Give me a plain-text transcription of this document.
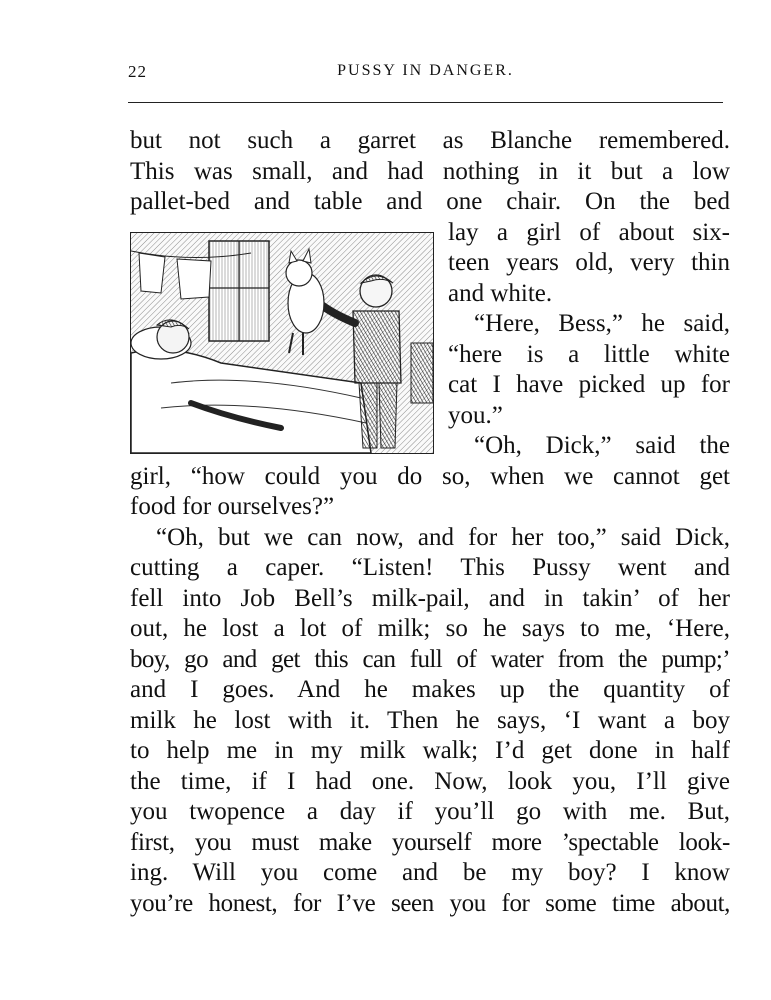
22	PUSSY IN DANGER.
but not such a garret as Blanche remembered.
This was small, and had nothing in it but a low
pallet-bed and table and one chair. On the bed
lay a girl of about six-
teen years old, very thin
and white.
“Here, Bess,” he said,
“here is a little white
cat I have picked up for
you.”
“Oh, Dick,” said the
girl, “how could you do so, when we cannot get
food for ourselves?”
“Oh, but we can now, and for her too,” said Dick,
cutting a caper. “Listen! This Pussy went and
fell into Job Bell’s milk-pail, and in takin’ of her
out, he lost a lot of milk; so he says to me, ‘Here,
boy, go and get this can full of water from the pump;’
and I goes. And he makes up the quantity of
milk he lost with it. Then he says, ‘I want a boy
to help me in my milk walk; I’d get done in half
the time, if I had one. Now, look you, I’ll give
you twopence a day if you’ll go with me. But,
first, you must make yourself more ’spectable look-
ing. Will you come and be my boy? I know
you’re honest, for I’ve seen you for some time about,
